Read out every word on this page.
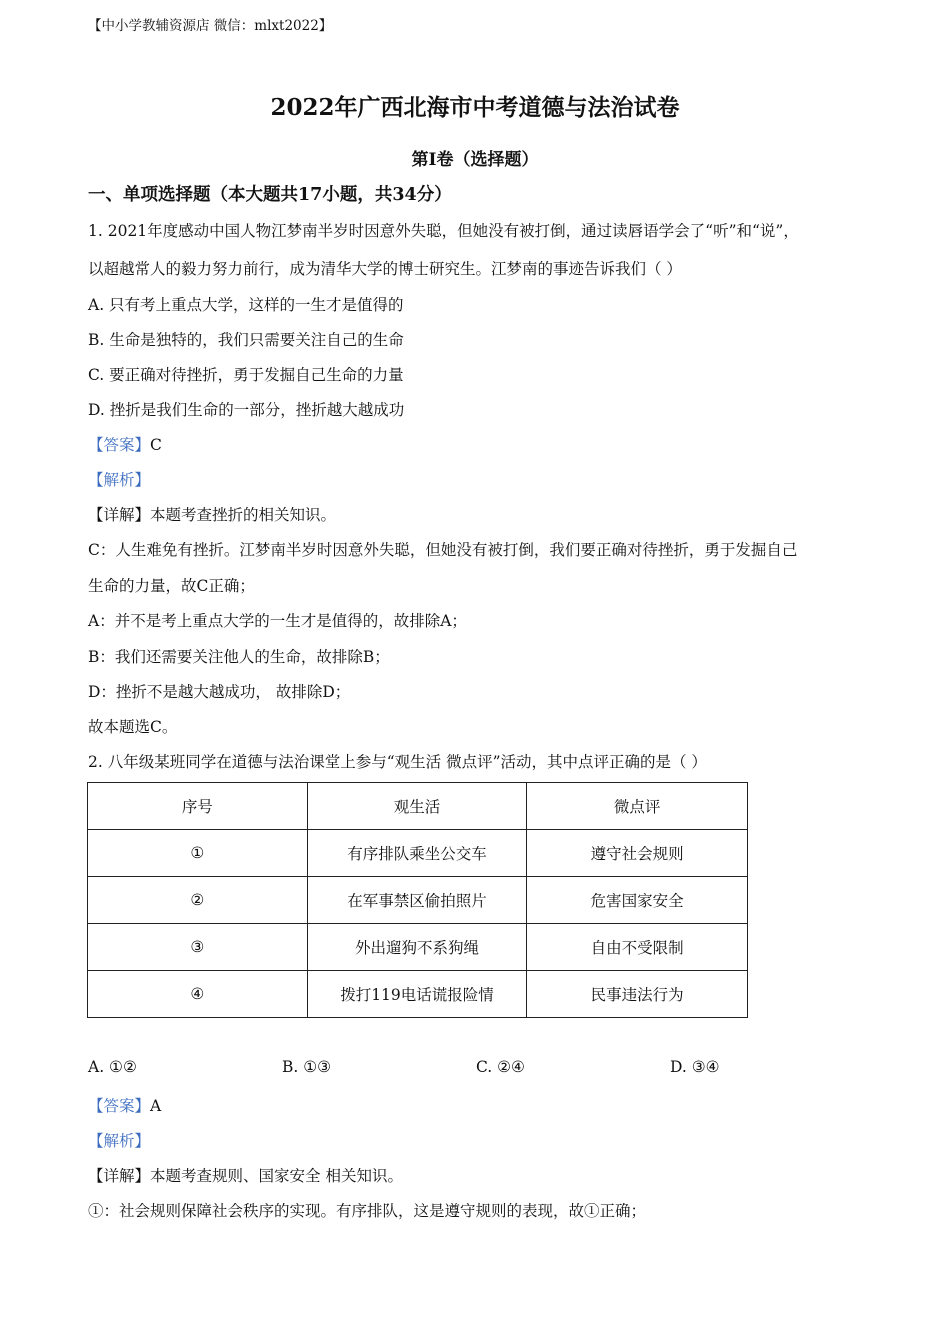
【中小学教辅资源店 微信：mlxt2022】
2022年广西北海市中考道德与法治试卷
第I卷（选择题）
一、单项选择题（本大题共17小题，共34分）
1. 2021年度感动中国人物江梦南半岁时因意外失聪，但她没有被打倒，通过读唇语学会了“听”和“说”，
以超越常人的毅力努力前行，成为清华大学的博士研究生。江梦南的事迹告诉我们（ ）
A. 只有考上重点大学，这样的一生才是值得的
B. 生命是独特的，我们只需要关注自己的生命
C. 要正确对待挫折，勇于发掘自己生命的力量
D. 挫折是我们生命的一部分，挫折越大越成功
【答案】C
【解析】
【详解】本题考查挫折的相关知识。
C：人生难免有挫折。江梦南半岁时因意外失聪，但她没有被打倒，我们要正确对待挫折，勇于发掘自己
生命的力量，故C正确；
A：并不是考上重点大学的一生才是值得的，故排除A；
B：我们还需要关注他人的生命，故排除B；
D：挫折不是越大越成功， 故排除D；
故本题选C。
2. 八年级某班同学在道德与法治课堂上参与“观生活 微点评”活动，其中点评正确的是（ ）
序号	观生活	微点评
①	有序排队乘坐公交车	遵守社会规则
②	在军事禁区偷拍照片	危害国家安全
③	外出遛狗不系狗绳	自由不受限制
④	拨打119电话谎报险情	民事违法行为
A. ①②	B. ①③	C. ②④	D. ③④
【答案】A
【解析】
【详解】本题考查规则、国家安全 相关知识。
①：社会规则保障社会秩序的实现。有序排队，这是遵守规则的表现，故①正确；
